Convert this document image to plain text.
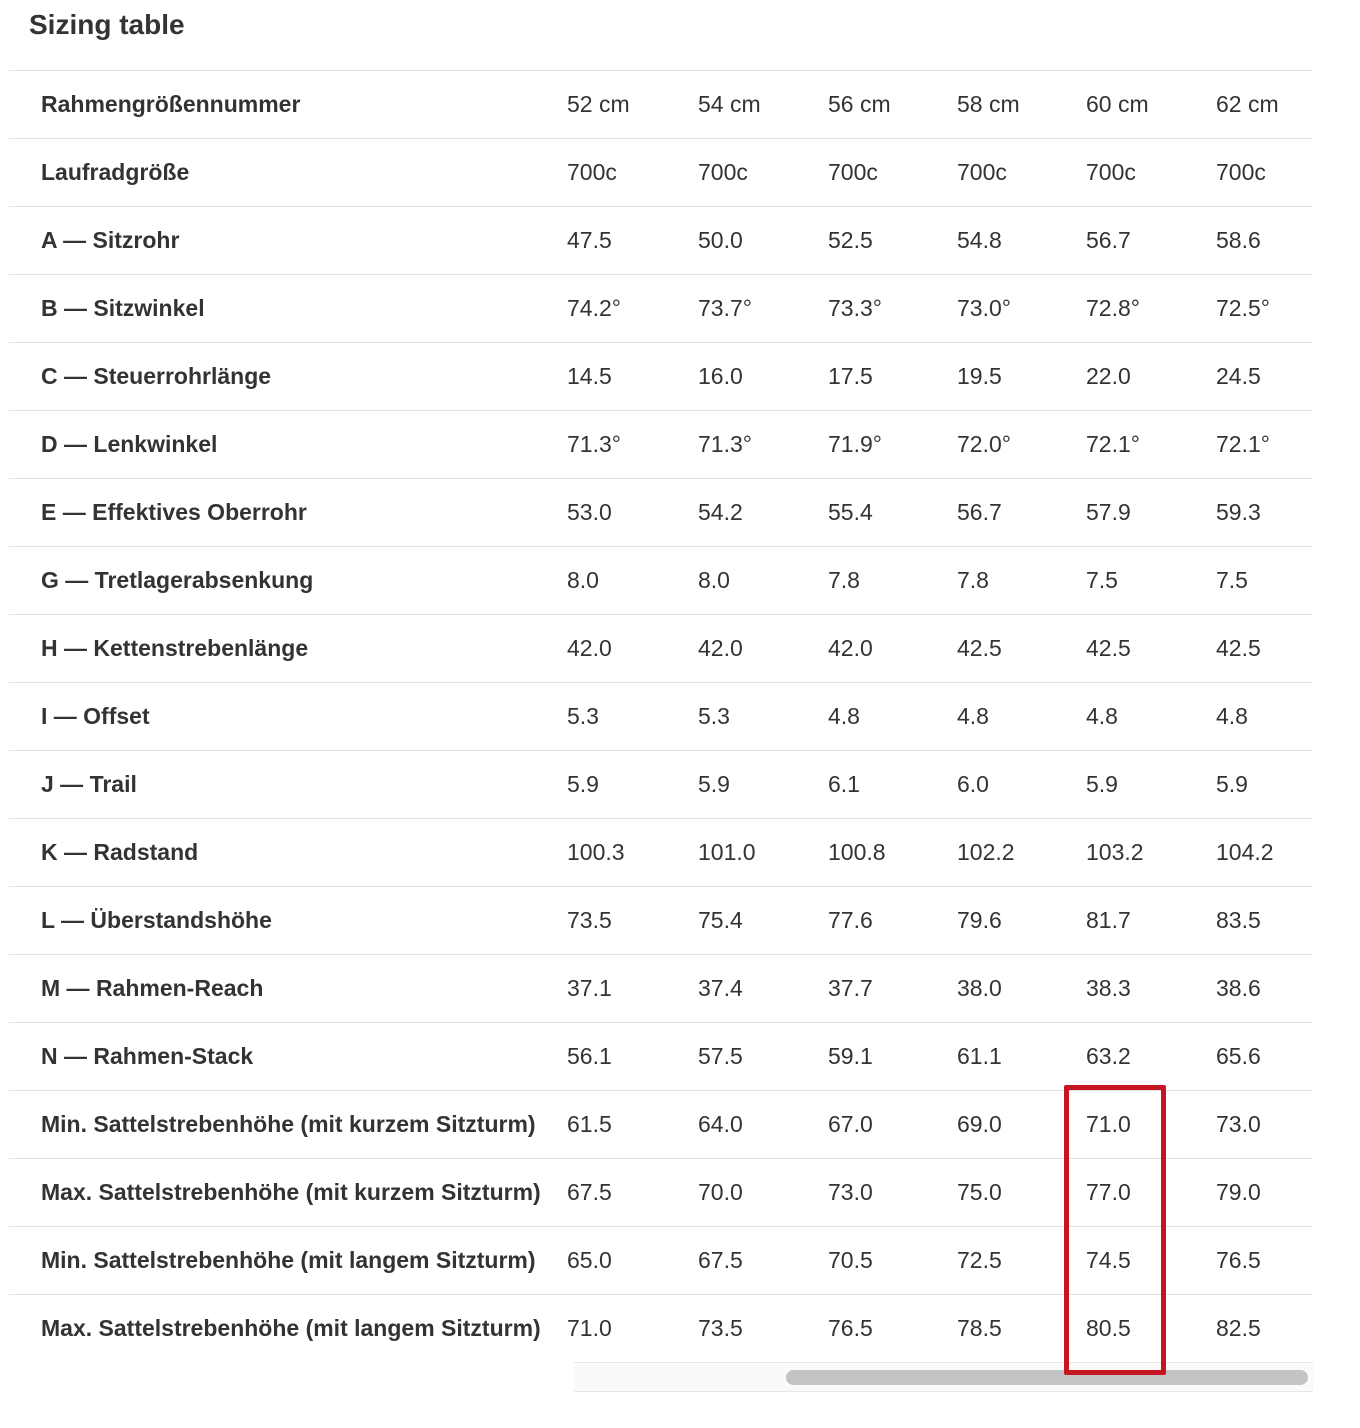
Sizing table
Rahmengrößennummer	52 cm	54 cm	56 cm	58 cm	60 cm	62 cm
Laufradgröße	700c	700c	700c	700c	700c	700c
A — Sitzrohr	47.5	50.0	52.5	54.8	56.7	58.6
B — Sitzwinkel	74.2°	73.7°	73.3°	73.0°	72.8°	72.5°
C — Steuerrohrlänge	14.5	16.0	17.5	19.5	22.0	24.5
D — Lenkwinkel	71.3°	71.3°	71.9°	72.0°	72.1°	72.1°
E — Effektives Oberrohr	53.0	54.2	55.4	56.7	57.9	59.3
G — Tretlagerabsenkung	8.0	8.0	7.8	7.8	7.5	7.5
H — Kettenstrebenlänge	42.0	42.0	42.0	42.5	42.5	42.5
I — Offset	5.3	5.3	4.8	4.8	4.8	4.8
J — Trail	5.9	5.9	6.1	6.0	5.9	5.9
K — Radstand	100.3	101.0	100.8	102.2	103.2	104.2
L — Überstandshöhe	73.5	75.4	77.6	79.6	81.7	83.5
M — Rahmen-Reach	37.1	37.4	37.7	38.0	38.3	38.6
N — Rahmen-Stack	56.1	57.5	59.1	61.1	63.2	65.6
Min. Sattelstrebenhöhe (mit kurzem Sitzturm) 61.5	64.0	67.0	69.0	71.0	73.0
Max. Sattelstrebenhöhe (mit kurzem Sitzturm) 67.5	70.0	73.0	75.0	77.0	79.0
Min. Sattelstrebenhöhe (mit langem Sitzturm) 65.0	67.5	70.5	72.5	74.5	76.5
Max. Sattelstrebenhöhe (mit langem Sitzturm) 71.0	73.5	76.5	78.5	80.5	82.5
